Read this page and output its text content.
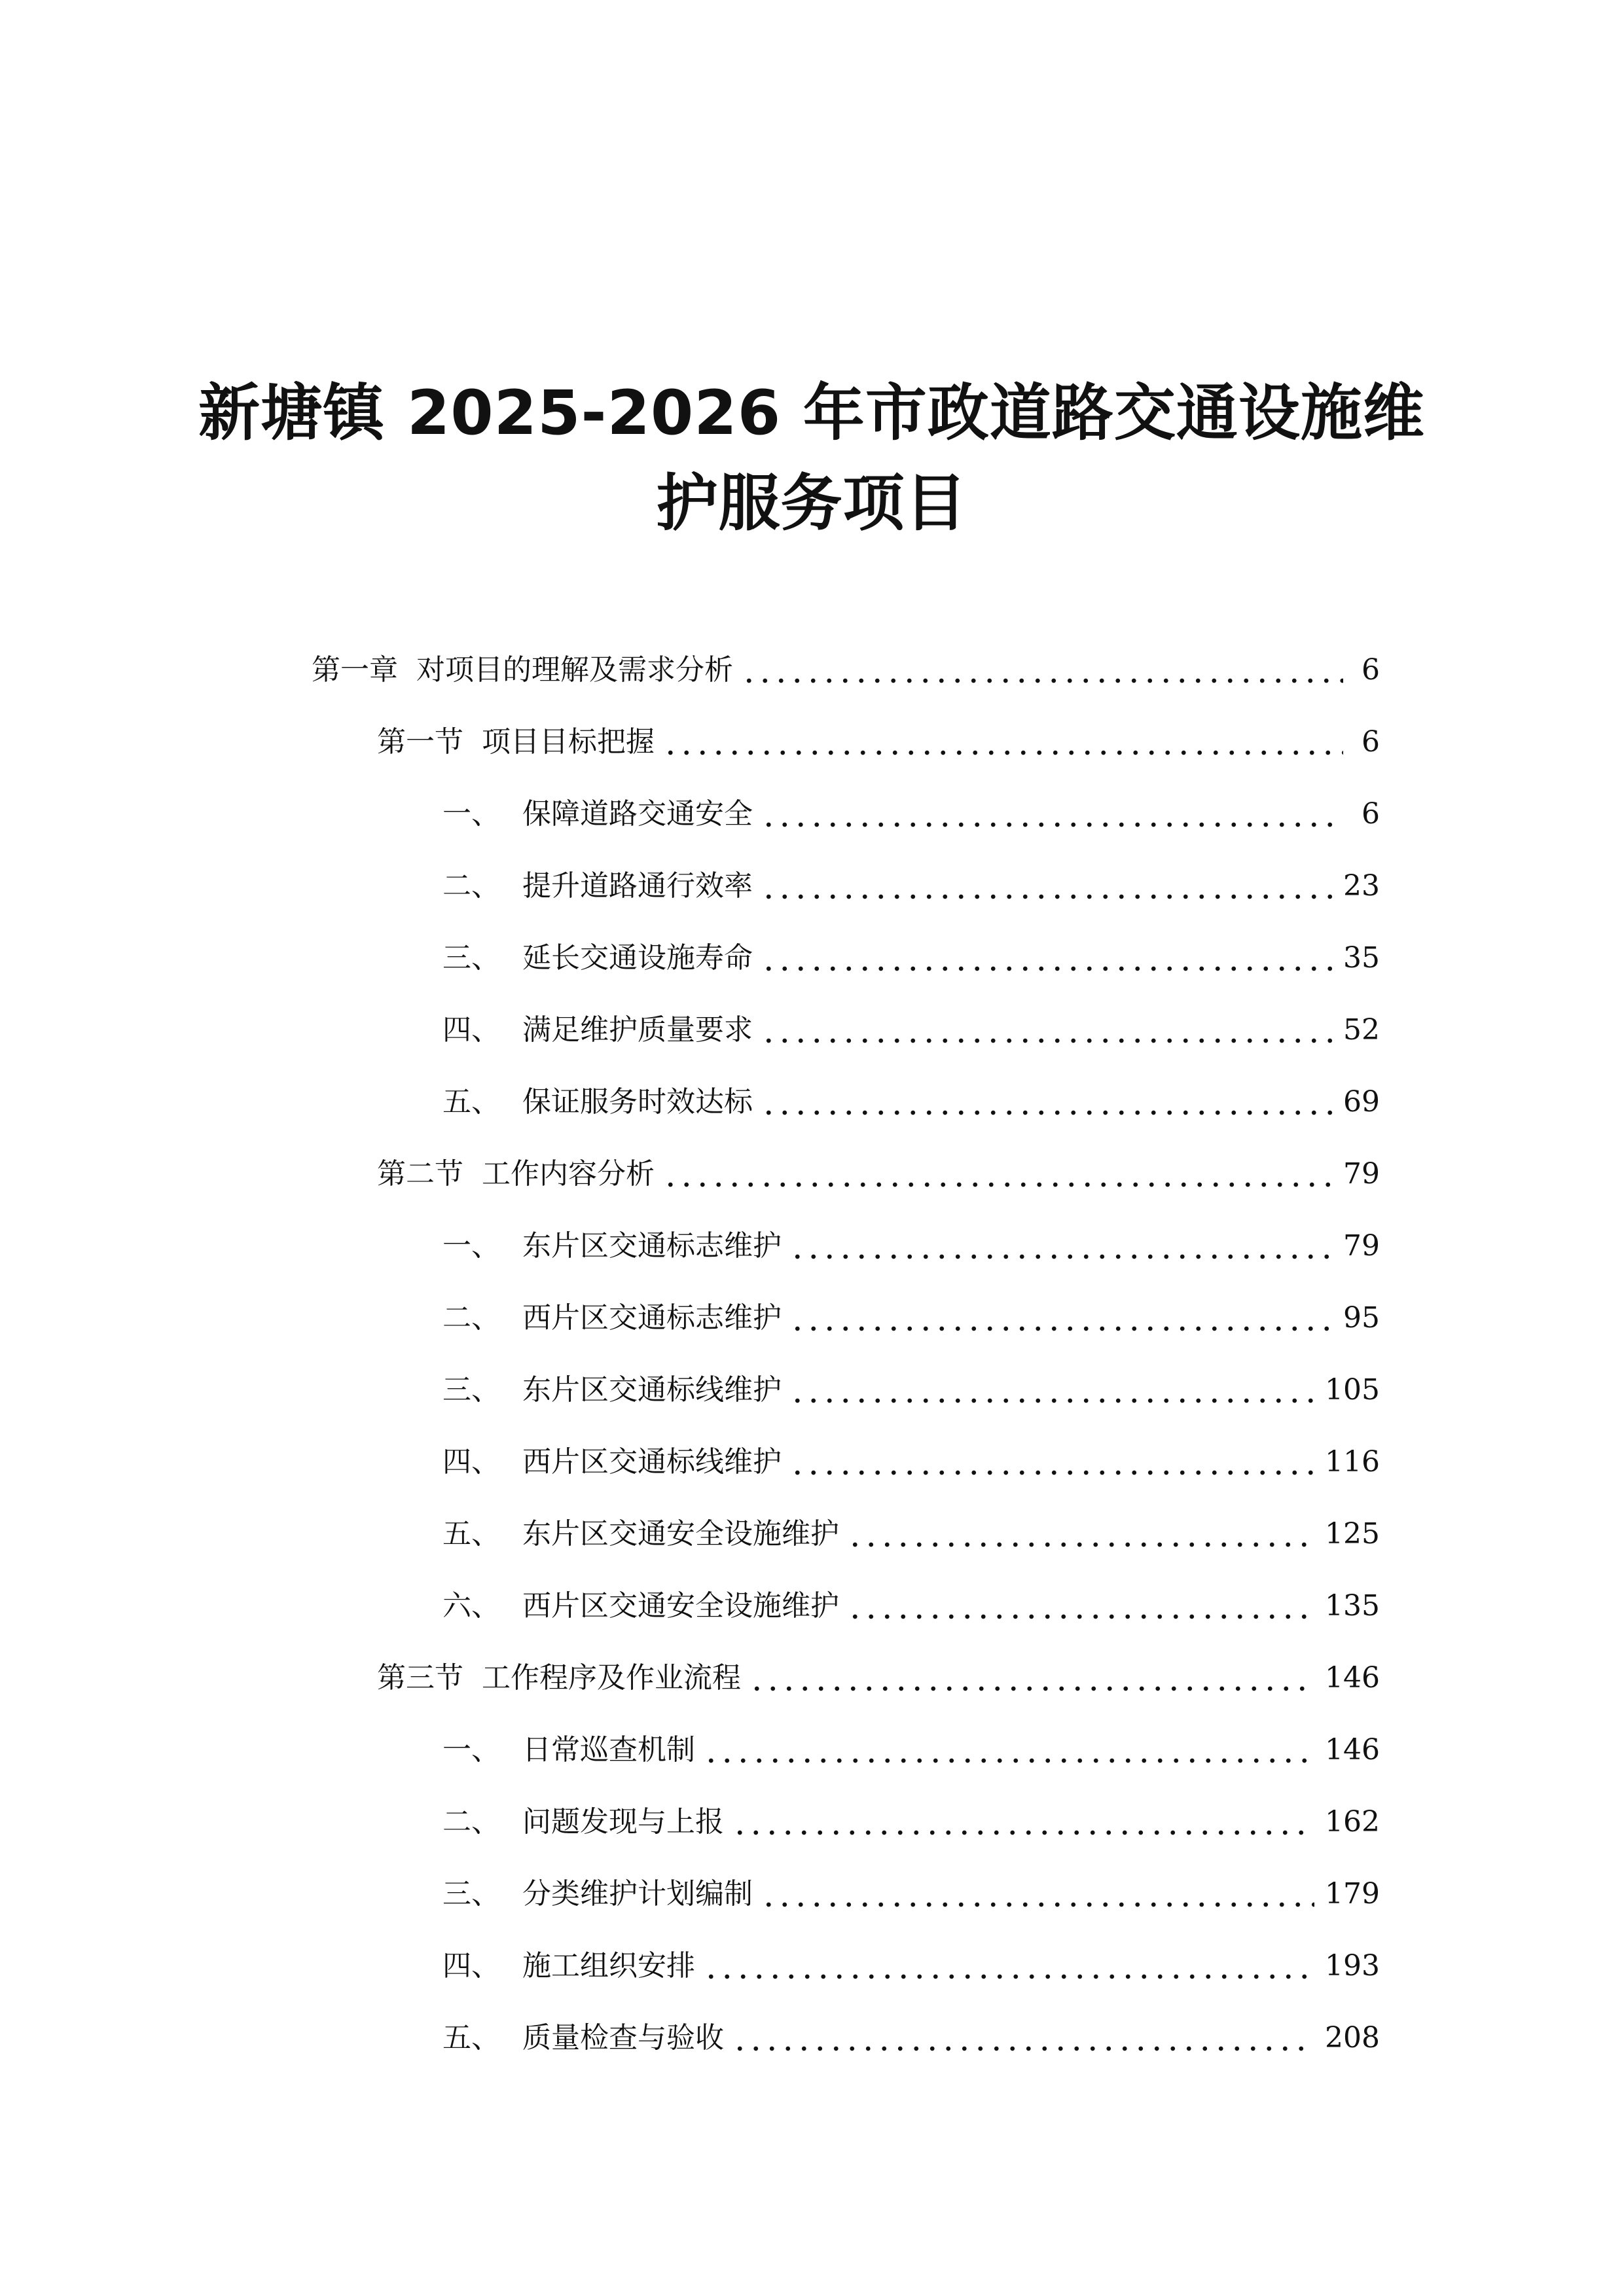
新塘镇 2025-2026 年市政道路交通设施维
护服务项目
第一章 对项目的理解及需求分析	6
第一节 项目目标把握	6
一、 保障道路交通安全	6
二、 提升道路通行效率	23
三、 延长交通设施寿命	35
四、 满足维护质量要求	52
五、 保证服务时效达标	69
第二节 工作内容分析	79
一、 东片区交通标志维护	79
二、 西片区交通标志维护	95
三、 东片区交通标线维护	105
四、 西片区交通标线维护	116
五、 东片区交通安全设施维护	125
六、 西片区交通安全设施维护	135
第三节 工作程序及作业流程	146
一、 日常巡查机制	146
二、 问题发现与上报	162
三、 分类维护计划编制	179
四、 施工组织安排	193
五、 质量检查与验收	208
